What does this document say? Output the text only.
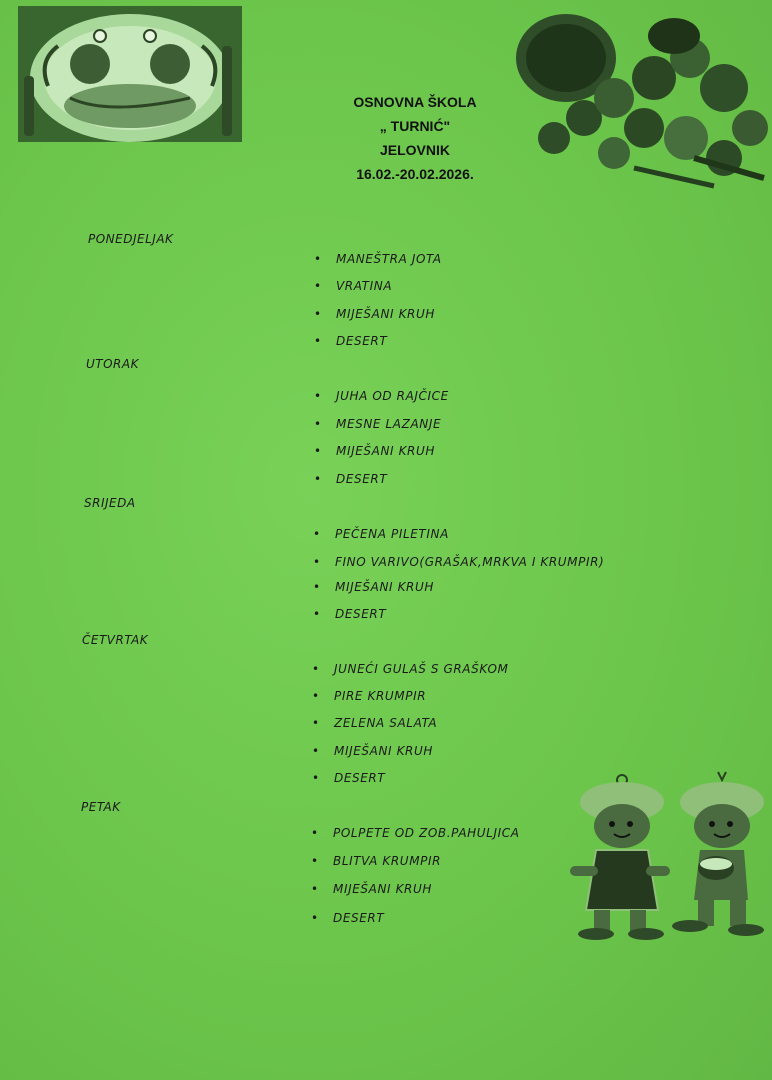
OSNOVNA ŠKOLA
„ TURNIĆ"
JELOVNIK
16.02.-20.02.2026.
PONEDJELJAK
• MANEŠTRA JOTA
• VRATINA
• MIJEŠANI KRUH
• DESERT
UTORAK
• JUHA OD RAJČICE
• MESNE LAZANJE
• MIJEŠANI KRUH
• DESERT
SRIJEDA
• PEČENA PILETINA
• FINO VARIVO(GRAŠAK,MRKVA I KRUMPIR)
• MIJEŠANI KRUH
• DESERT
ČETVRTAK
• JUNEĆI GULAŠ S GRAŠKOM
• PIRE KRUMPIR
• ZELENA SALATA
• MIJEŠANI KRUH
• DESERT
PETAK
• POLPETE OD ZOB.PAHULJICA
• BLITVA KRUMPIR
• MIJEŠANI KRUH
• DESERT
